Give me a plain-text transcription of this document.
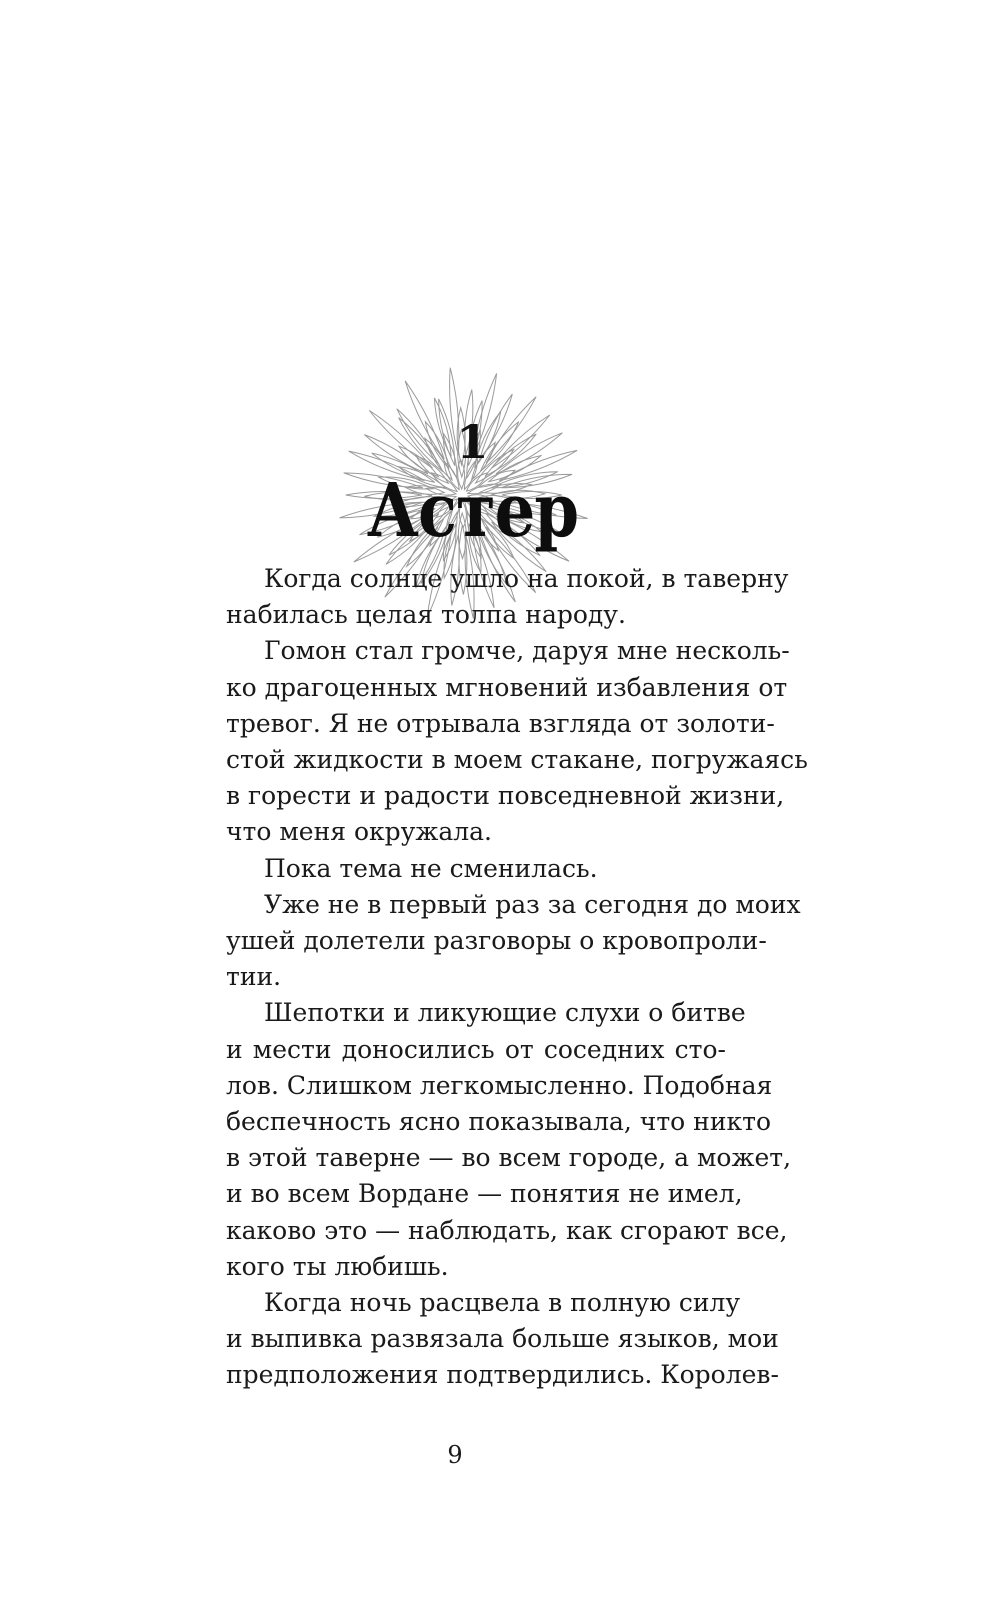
1
Астер

Когда солнце ушло на покой, в таверну
набилась целая толпа народу.

Гомон стал громче, даруя мне несколь-
ко драгоценных мгновений избавления от
тревог. Я не отрывала взгляда от золоти-
стой жидкости в моем стакане, погружаясь
в горести и радости повседневной жизни,
что меня окружала.

Пока тема не сменилась.

Уже не в первый раз за сегодня до моих
ушей долетели разговоры о кровопроли-
тии.

Шепотки и ликующие слухи о битве
и мести доносились от соседних сто-
лов. Слишком легкомысленно. Подобная
беспечность ясно показывала, что никто
в этой таверне — во всем городе, а может,
и во всем Вордане — понятия не имел,
каково это — наблюдать, как сгорают все,
кого ты любишь.

Когда ночь расцвела в полную силу
и выпивка развязала больше языков, мои
предположения подтвердились. Королев-

9
